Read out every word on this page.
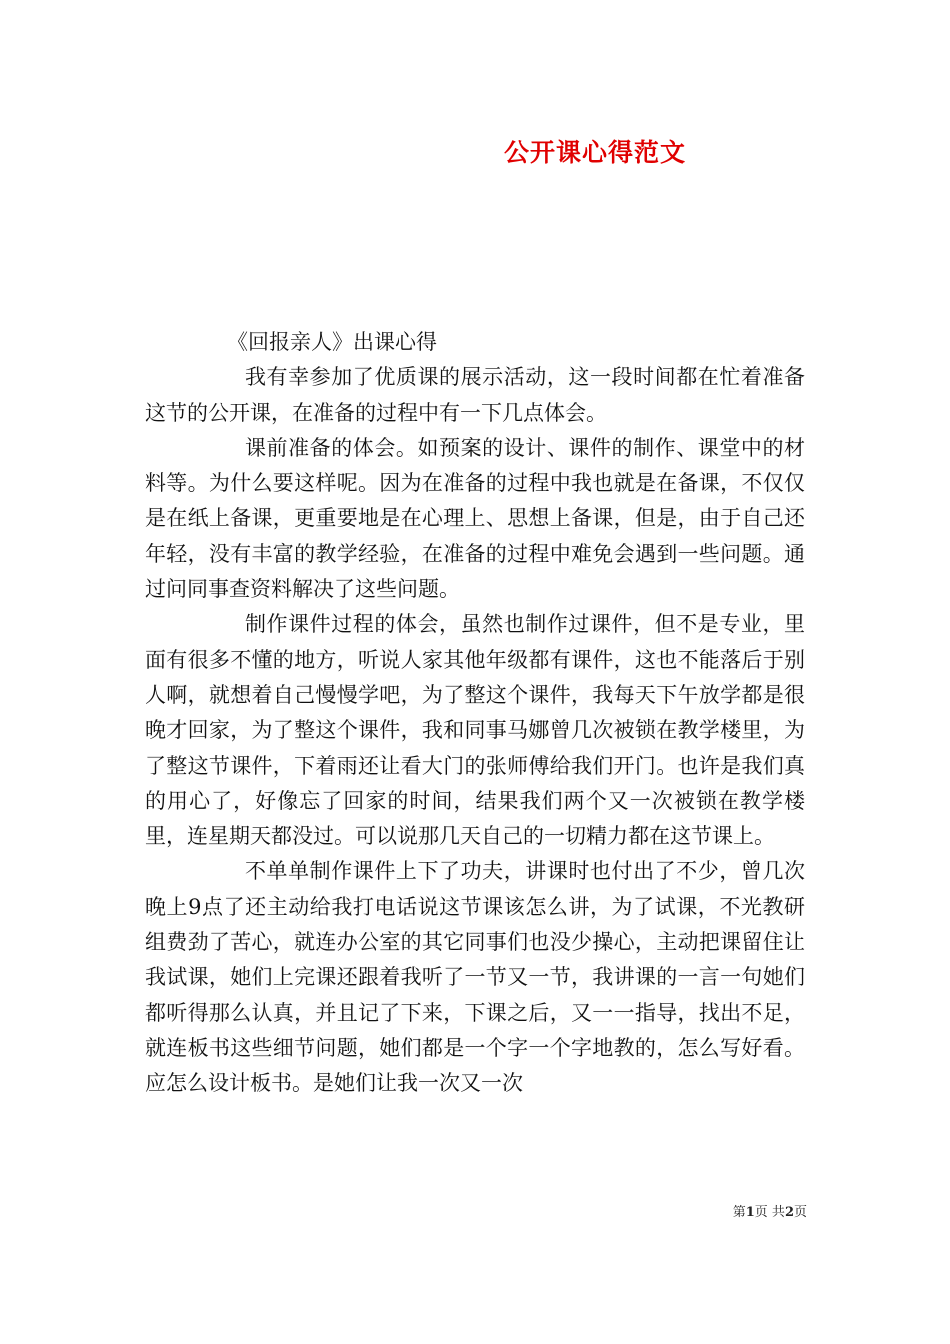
公开课心得范文

《回报亲人》出课心得

我有幸参加了优质课的展示活动，这一段时间都在忙着准备这节的公开课，在准备的过程中有一下几点体会。

课前准备的体会。如预案的设计、课件的制作、课堂中的材料等。为什么要这样呢。因为在准备的过程中我也就是在备课，不仅仅是在纸上备课，更重要地是在心理上、思想上备课，但是，由于自己还年轻，没有丰富的教学经验，在准备的过程中难免会遇到一些问题。通过问同事查资料解决了这些问题。

制作课件过程的体会，虽然也制作过课件，但不是专业，里面有很多不懂的地方，听说人家其他年级都有课件，这也不能落后于别人啊，就想着自己慢慢学吧，为了整这个课件，我每天下午放学都是很晚才回家，为了整这个课件，我和同事马娜曾几次被锁在教学楼里，为了整这节课件，下着雨还让看大门的张师傅给我们开门。也许是我们真的用心了，好像忘了回家的时间，结果我们两个又一次被锁在教学楼里，连星期天都没过。可以说那几天自己的一切精力都在这节课上。

不单单制作课件上下了功夫，讲课时也付出了不少，曾几次晚上9点了还主动给我打电话说这节课该怎么讲，为了试课，不光教研组费劲了苦心，就连办公室的其它同事们也没少操心，主动把课留住让我试课，她们上完课还跟着我听了一节又一节，我讲课的一言一句她们都听得那么认真，并且记了下来，下课之后，又一一指导，找出不足，就连板书这些细节问题，她们都是一个字一个字地教的，怎么写好看。应怎么设计板书。是她们让我一次又一次

第1页 共2页
